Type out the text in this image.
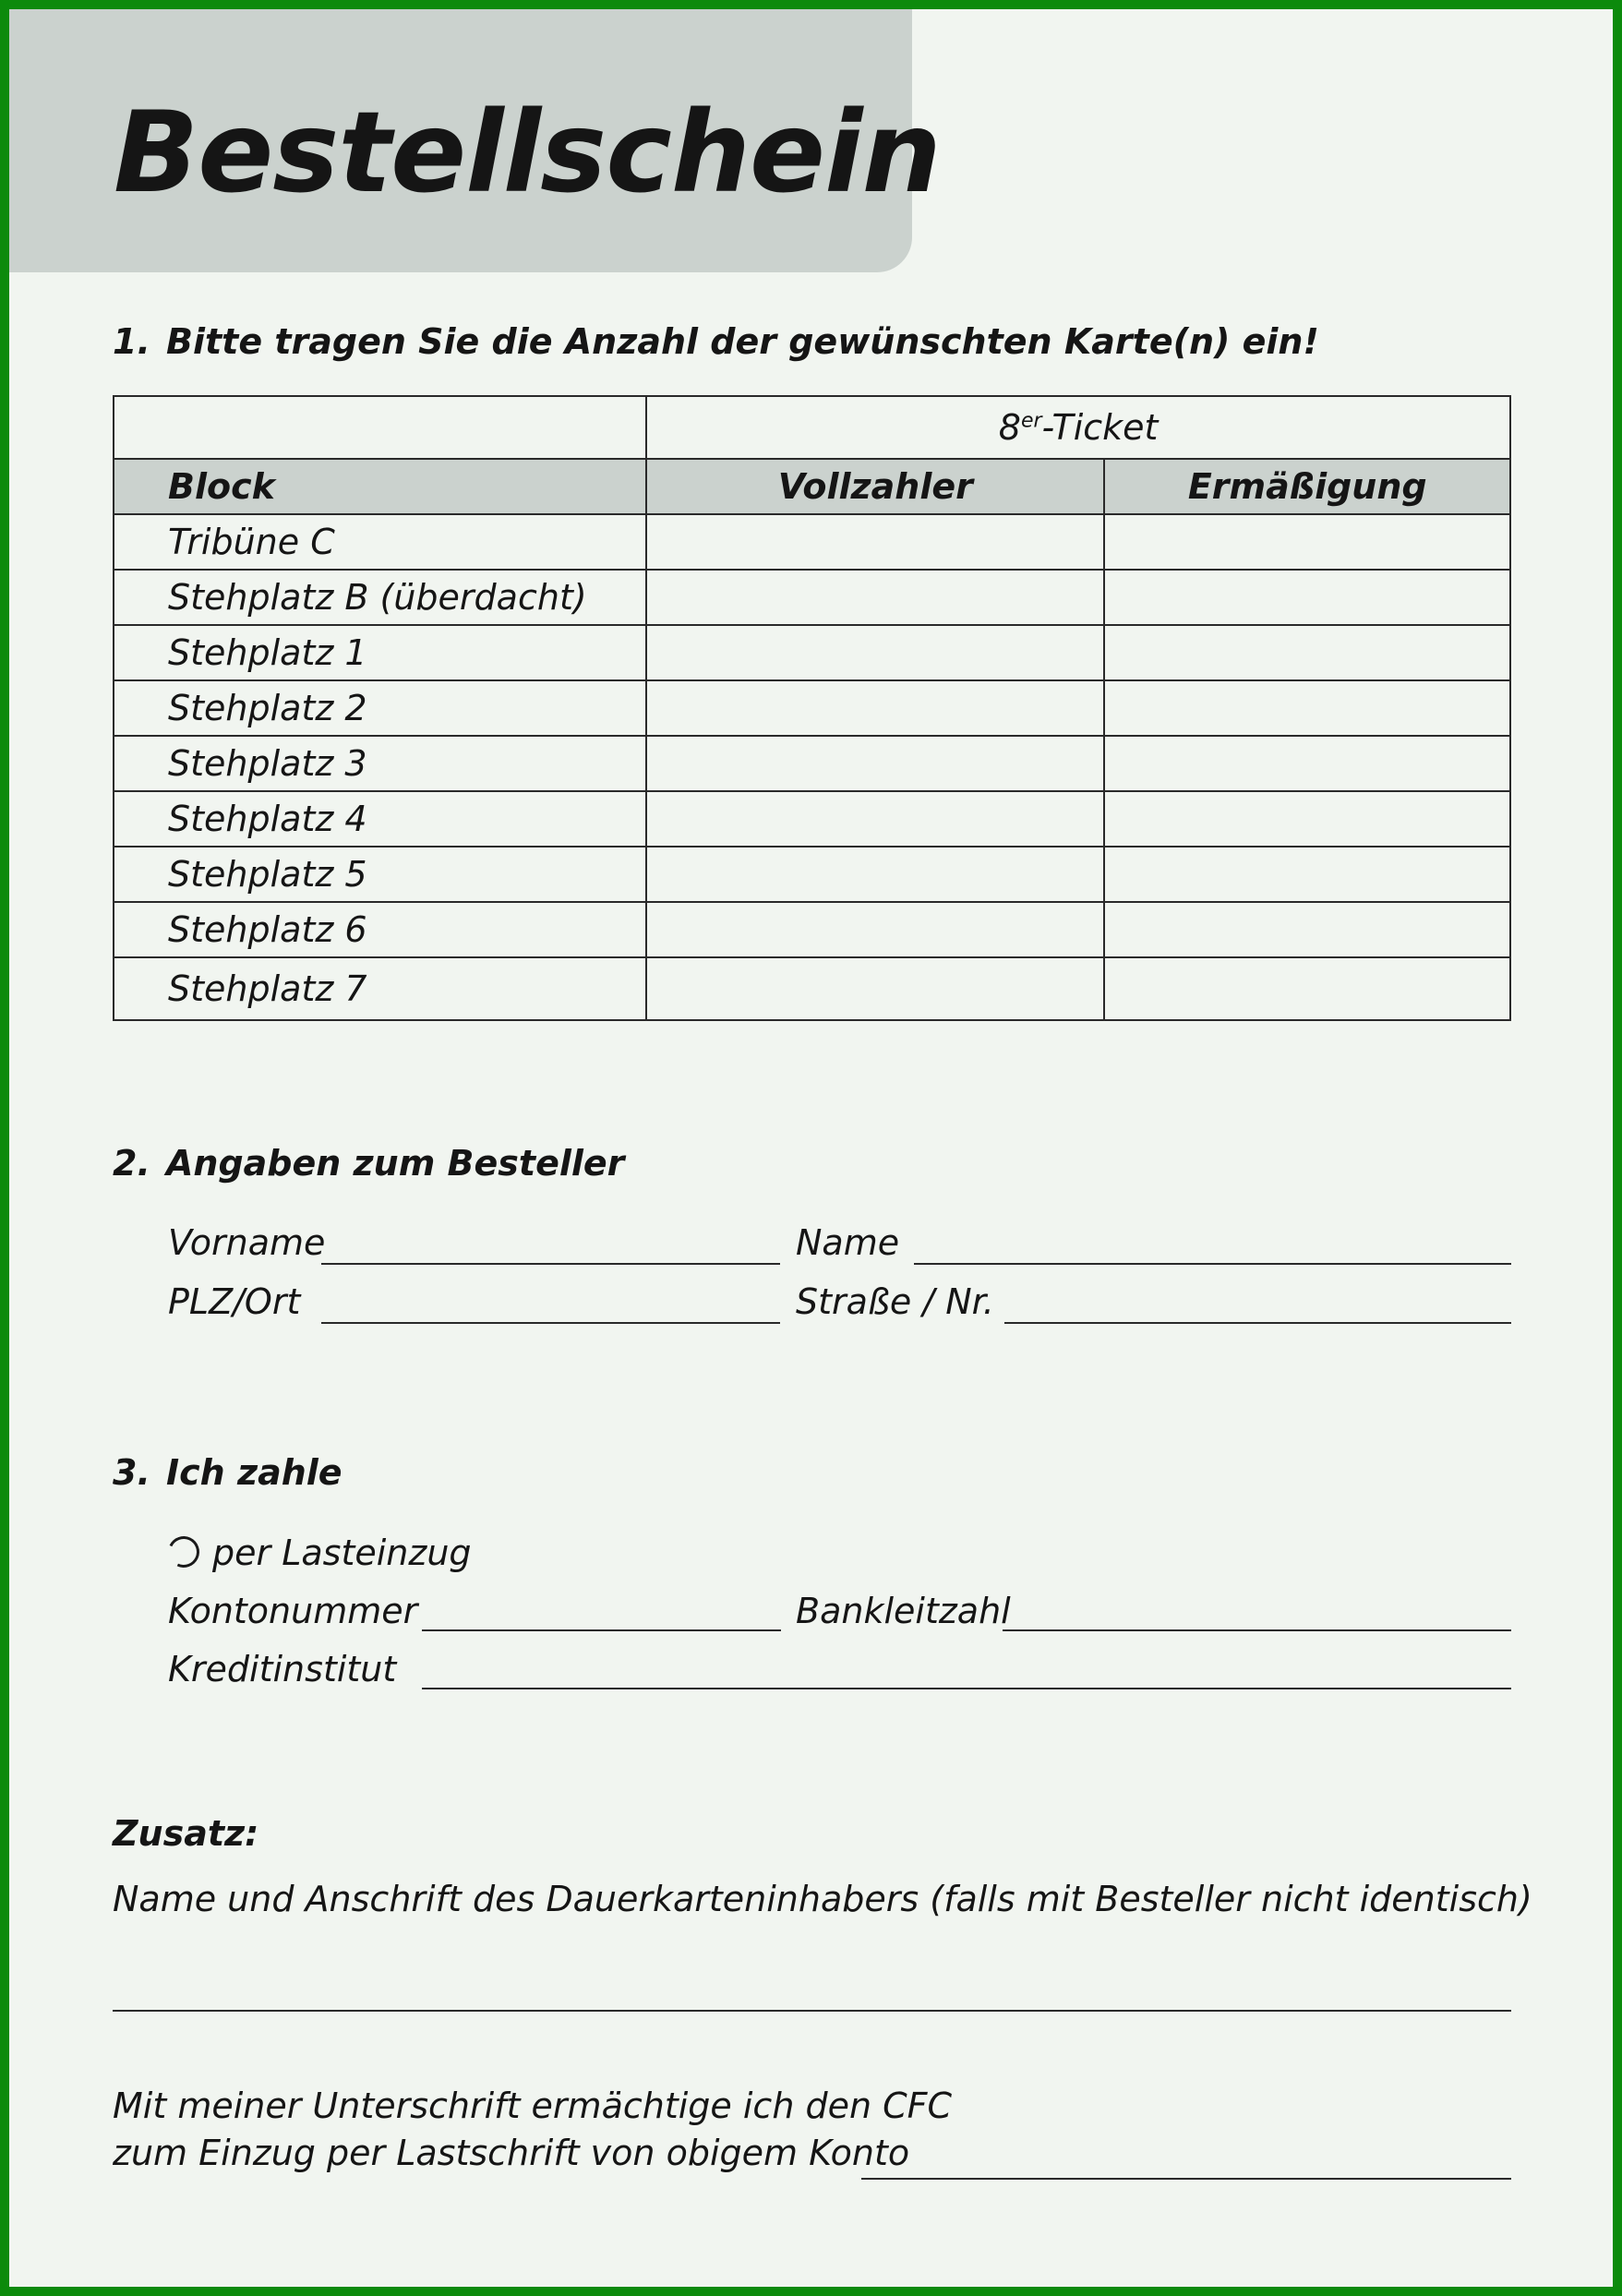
Bestellschein
1. Bitte tragen Sie die Anzahl der gewünschten Karte(n) ein!
	8er-Ticket	
Block	Vollzahler	Ermäßigung
Tribüne C		
Stehplatz B (überdacht)		
Stehplatz 1		
Stehplatz 2		
Stehplatz 3		
Stehplatz 4		
Stehplatz 5		
Stehplatz 6		
Stehplatz 7		
2. Angaben zum Besteller
Vorname	Name
PLZ/Ort	Straße / Nr.
3. Ich zahle
per Lasteinzug
Kontonummer	Bankleitzahl
Kreditinstitut
Zusatz:
Name und Anschrift des Dauerkarteninhabers (falls mit Besteller nicht identisch)
Mit meiner Unterschrift ermächtige ich den CFC
zum Einzug per Lastschrift von obigem Konto
